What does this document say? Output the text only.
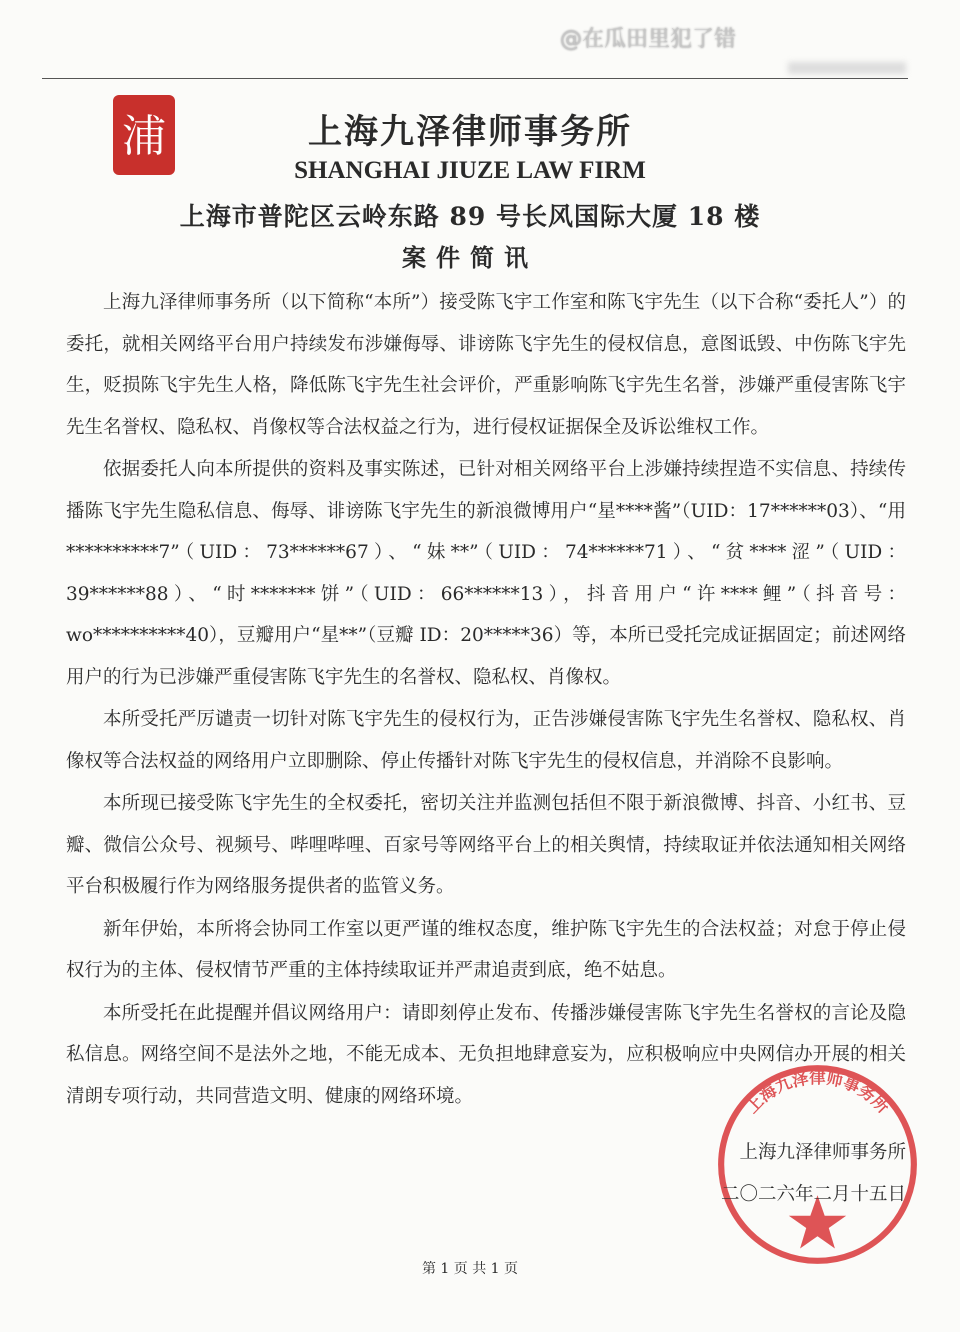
浦	上海九泽律师事务所
SHANGHAI JIUZE LAW FIRM
上海市普陀区云岭东路 89 号长风国际大厦 18 楼
案件简讯

上海九泽律师事务所（以下简称“本所”）接受陈飞宇工作室和陈飞宇先生（以下合称“委托人”）的委托，就相关网络平台用户持续发布涉嫌侮辱、诽谤陈飞宇先生的侵权信息，意图诋毁、中伤陈飞宇先生，贬损陈飞宇先生人格，降低陈飞宇先生社会评价，严重影响陈飞宇先生名誉，涉嫌严重侵害陈飞宇先生名誉权、隐私权、肖像权等合法权益之行为，进行侵权证据保全及诉讼维权工作。

依据委托人向本所提供的资料及事实陈述，已针对相关网络平台上涉嫌持续捏造不实信息、持续传播陈飞宇先生隐私信息、侮辱、诽谤陈飞宇先生的新浪微博用户“星****酱”（UID：17******03）、“用**********7”（UID：73******67）、“妹**”（UID：74******71）、“贫****涩”（UID：39******88）、“时*******饼”（UID：66******13），抖音用户“许****鲤”（抖音号：wo**********40），豆瓣用户“星**”（豆瓣 ID：20*****36）等，本所已受托完成证据固定；前述网络用户的行为已涉嫌严重侵害陈飞宇先生的名誉权、隐私权、肖像权。

本所受托严厉谴责一切针对陈飞宇先生的侵权行为，正告涉嫌侵害陈飞宇先生名誉权、隐私权、肖像权等合法权益的网络用户立即删除、停止传播针对陈飞宇先生的侵权信息，并消除不良影响。

本所现已接受陈飞宇先生的全权委托，密切关注并监测包括但不限于新浪微博、抖音、小红书、豆瓣、微信公众号、视频号、哔哩哔哩、百家号等网络平台上的相关舆情，持续取证并依法通知相关网络平台积极履行作为网络服务提供者的监管义务。

新年伊始，本所将会协同工作室以更严谨的维权态度，维护陈飞宇先生的合法权益；对怠于停止侵权行为的主体、侵权情节严重的主体持续取证并严肃追责到底，绝不姑息。

本所受托在此提醒并倡议网络用户：请即刻停止发布、传播涉嫌侵害陈飞宇先生名誉权的言论及隐私信息。网络空间不是法外之地，不能无成本、无负担地肆意妄为，应积极响应中央网信办开展的相关清朗专项行动，共同营造文明、健康的网络环境。

@在瓜田里犯了错
上海九泽律师事务所
上海九泽律师事务所
二〇二六年二月十五日
第 1 页 共 1 页
